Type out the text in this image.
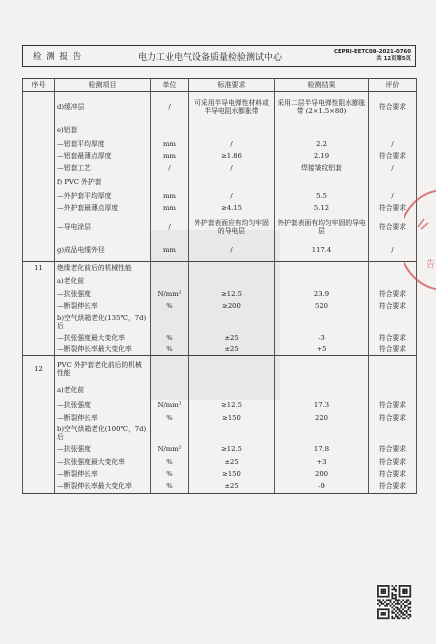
检 测 报 告	电力工业电气设备质量检验测试中心
CEPRI-EETC08-2021-0760
共 12页第5页
序号	检测项目	单位	标准要求	检测结果	评价
	d)缓冲层	/	可采用半导电弹性材料或半导电阻水膨胀带	采用二层半导电弹性阻水膨胀带 (2×1.5×80)	符合要求
	e)铝套				
	—铝套平均厚度	mm	/	2.2	/
	—铝套最薄点厚度	mm	≥1.86	2.19	符合要求
	—铝套工艺	/	/	焊接皱纹铝套	/
	f) PVC 外护套				
	—外护套平均厚度	mm	/	5.5	/
	—外护套最薄点厚度	mm	≥4.15	5.12	符合要求
	—导电涂层	/	外护套表面应有均匀牢固的导电层	外护套表面有均匀牢固的导电层	符合要求
	g)成品电缆外径	mm	/	117.4	/
11	绝缘老化前后的机械性能				
	a)老化前				
	—抗张强度	N/mm²	≥12.5	23.9	符合要求
	—断裂伸长率	%	≥200	520	符合要求
	b)空气烘箱老化(135℃，7d) 后				
	—抗张强度最大变化率	%	±25	-3	符合要求
	—断裂伸长率最大变化率	%	±25	+5	符合要求
12	PVC 外护套老化前后的机械性能				
	a)老化前				
	—抗张强度	N/mm²	≥12.5	17.3	符合要求
	—断裂伸长率	%	≥150	220	符合要求
	b)空气烘箱老化(100℃，7d) 后				
	—抗张强度	N/mm²	≥12.5	17.8	符合要求
	—抗张强度最大变化率	%	±25	+3	符合要求
	—断裂伸长率	%	≥150	200	符合要求
	—断裂伸长率最大变化率	%	±25	-9	符合要求
告
